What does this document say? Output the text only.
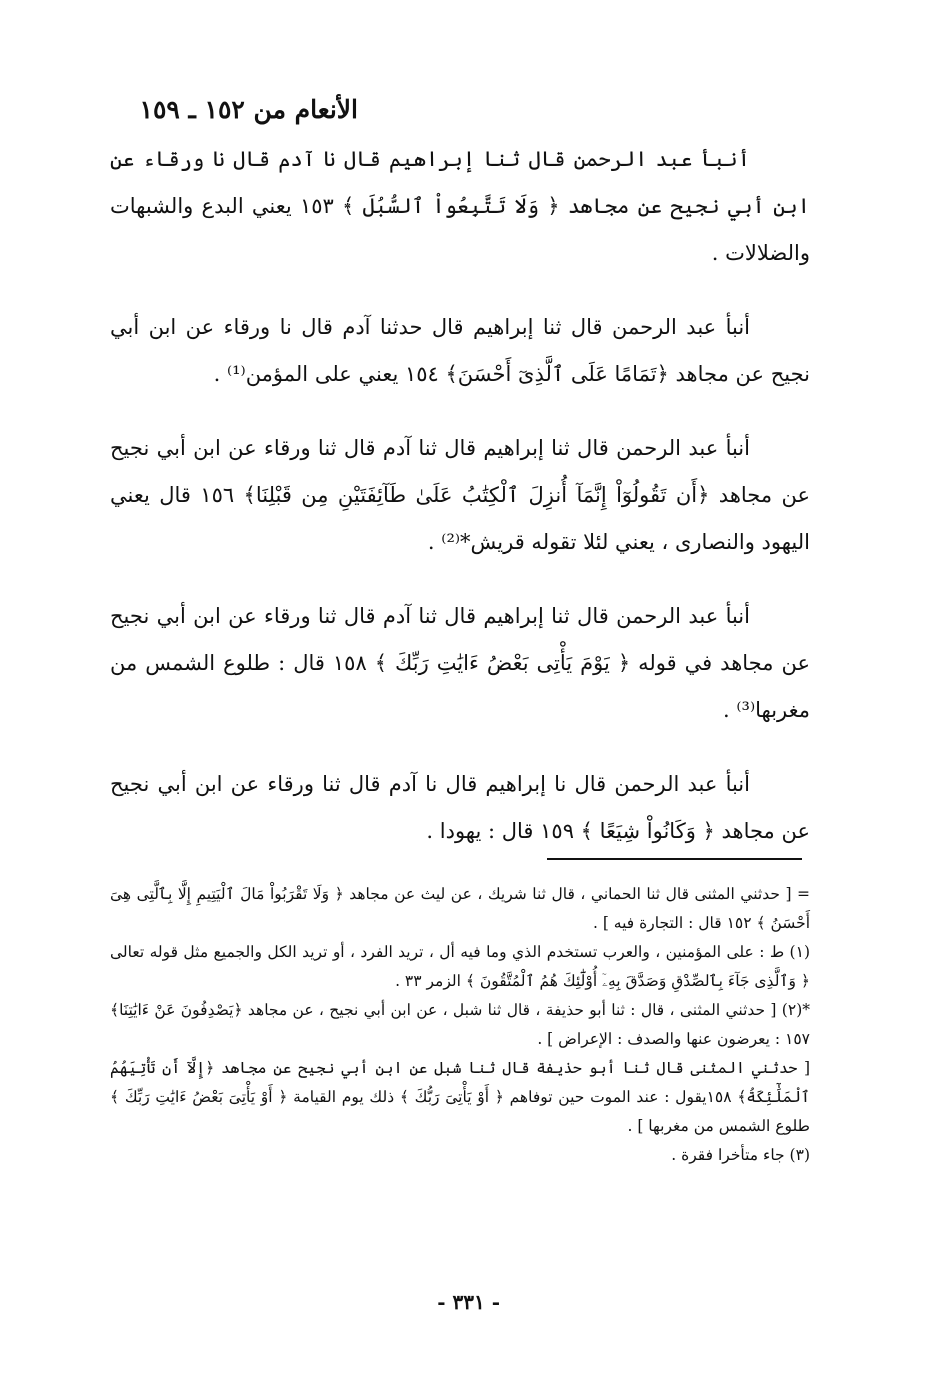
الأنعام من ١٥٢ ـ ١٥٩

أنبأ عبد الرحمن قال ثنا إبراهيم قال نا آدم قال نا ورقاء عن ابن أبي نجيح عن مجاهد ﴿ وَلَا تَتَّبِعُواْ ٱلسُّبُلَ ﴾ ١٥٣ يعني البدع والشبهات والضلالات .

أنبأ عبد الرحمن قال ثنا إبراهيم قال حدثنا آدم قال نا ورقاء عن ابن أبي نجيح عن مجاهد ﴿تَمَامًا عَلَى ٱلَّذِىٓ أَحْسَنَ﴾ ١٥٤ يعني على المؤمن⁽¹⁾ .

أنبأ عبد الرحمن قال ثنا إبراهيم قال ثنا آدم قال ثنا ورقاء عن ابن أبي نجيح عن مجاهد ﴿أَن تَقُولُوٓاْ إِنَّمَآ أُنزِلَ ٱلْكِتَٰبُ عَلَىٰ طَآئِفَتَيْنِ مِن قَبْلِنَا﴾ ١٥٦ قال يعني اليهود والنصارى ، يعني لئلا تقوله قريش*⁽²⁾ .

أنبأ عبد الرحمن قال ثنا إبراهيم قال ثنا آدم قال ثنا ورقاء عن ابن أبي نجيح عن مجاهد في قوله ﴿ يَوْمَ يَأْتِى بَعْضُ ءَايَٰتِ رَبِّكَ ﴾ ١٥٨ قال : طلوع الشمس من مغربها⁽³⁾ .

أنبأ عبد الرحمن قال نا إبراهيم قال نا آدم قال ثنا ورقاء عن ابن أبي نجيح عن مجاهد ﴿ وَكَانُواْ شِيَعًا ﴾ ١٥٩ قال : يهودا .

= [ حدثني المثنى قال ثنا الحماني ، قال ثنا شريك ، عن ليث عن مجاهد ﴿ وَلَا تَقْرَبُواْ مَالَ ٱلْيَتِيمِ إِلَّا بِٱلَّتِى هِىَ أَحْسَنُ ﴾ ١٥٢ قال : التجارة فيه ] .

(١) ط : على المؤمنين ، والعرب تستخدم الذي وما فيه أل ، تريد الفرد ، أو تريد الكل والجميع مثل قوله تعالى ﴿ وَٱلَّذِى جَآءَ بِٱلصِّدْقِ وَصَدَّقَ بِهِۦٓ أُوْلَٰٓئِكَ هُمُ ٱلْمُتَّقُونَ ﴾ الزمر ٣٣ .

*(٢) [ حدثني المثنى ، قال : ثنا أبو حذيفة ، قال ثنا شبل ، عن ابن أبي نجيح ، عن مجاهد ﴿يَصْدِفُونَ عَنْ ءَايَٰتِنَا﴾ ١٥٧ : يعرضون عنها والصدف : الإعراض ] .

[ حدثني المثنى قال ثنا أبو حذيفة قال ثنا شبل عن ابن أبي نجيح عن مجاهد ﴿إِلَّآ أَن تَأْتِيَهُمُ ٱلْمَلَٰٓئِكَةُ﴾ ١٥٨يقول : عند الموت حين توفاهم ﴿ أَوْ يَأْتِىَ رَبُّكَ ﴾ ذلك يوم القيامة ﴿ أَوْ يَأْتِىَ بَعْضُ ءَايَٰتِ رَبِّكَ ﴾ طلوع الشمس من مغربها ] .

(٣) جاء متأخرا فقرة .

- ٣٣١ -
